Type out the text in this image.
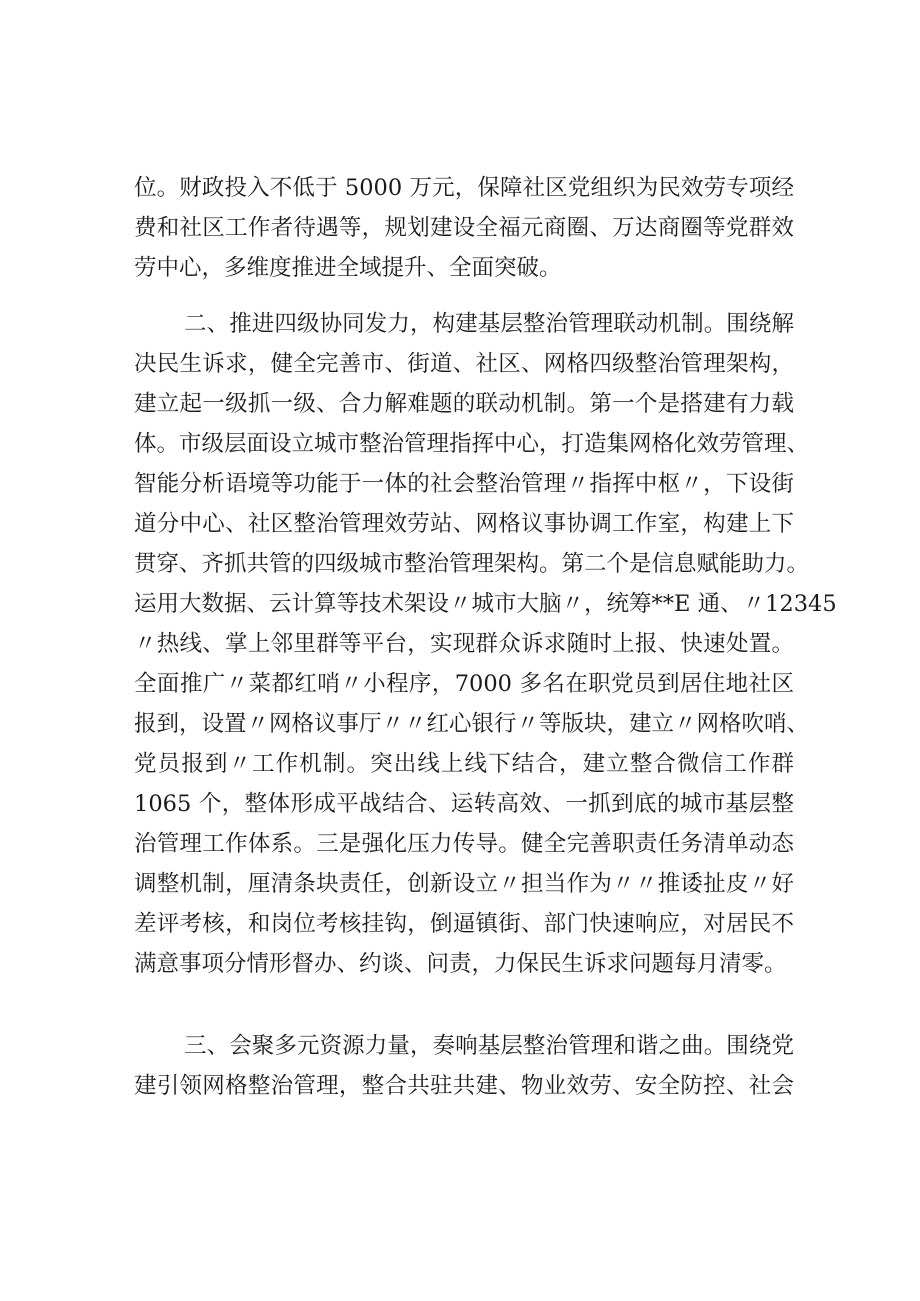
位。财政投入不低于 5000 万元，保障社区党组织为民效劳专项经
费和社区工作者待遇等，规划建设全福元商圈、万达商圈等党群效
劳中心，多维度推进全域提升、全面突破。
二、推进四级协同发力，构建基层整治管理联动机制。围绕解
决民生诉求，健全完善市、街道、社区、网格四级整治管理架构，
建立起一级抓一级、合力解难题的联动机制。第一个是搭建有力载
体。市级层面设立城市整治管理指挥中心，打造集网格化效劳管理、
智能分析语境等功能于一体的社会整治管理〃指挥中枢〃，下设街
道分中心、社区整治管理效劳站、网格议事协调工作室，构建上下
贯穿、齐抓共管的四级城市整治管理架构。第二个是信息赋能助力。
运用大数据、云计算等技术架设〃城市大脑〃，统筹**E 通、〃12345
〃热线、掌上邻里群等平台，实现群众诉求随时上报、快速处置。
全面推广〃菜都红哨〃小程序，7000 多名在职党员到居住地社区
报到，设置〃网格议事厅〃〃红心银行〃等版块，建立〃网格吹哨、
党员报到〃工作机制。突出线上线下结合，建立整合微信工作群
1065 个，整体形成平战结合、运转高效、一抓到底的城市基层整
治管理工作体系。三是强化压力传导。健全完善职责任务清单动态
调整机制，厘清条块责任，创新设立〃担当作为〃〃推诿扯皮〃好
差评考核，和岗位考核挂钩，倒逼镇街、部门快速响应，对居民不
满意事项分情形督办、约谈、问责，力保民生诉求问题每月清零。
三、会聚多元资源力量，奏响基层整治管理和谐之曲。围绕党
建引领网格整治管理，整合共驻共建、物业效劳、安全防控、社会
